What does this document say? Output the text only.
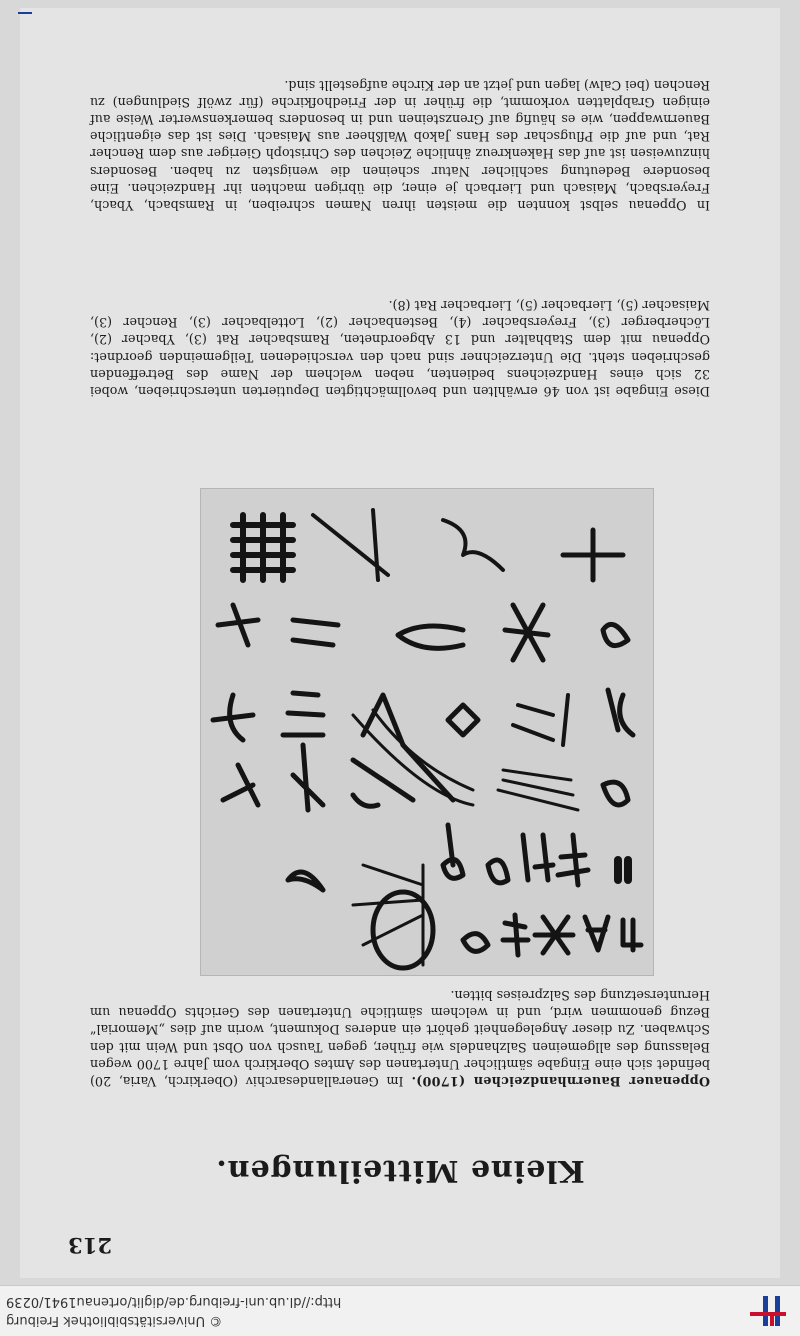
© Universitätsbibliothek Freiburg
http://dl.ub.uni-freiburg.de/diglit/ortenau1941/0239
213
Kleine Mitteilungen.
Oppenauer Bauernhandzeichen (1700). Im Generallandesarchiv (Oberkirch, Varia, 20) befindet sich eine Eingabe sämtlicher Untertanen des Amtes Oberkirch vom Jahre 1700 wegen Belassung des allgemeinen Salzhandels wie früher, gegen Tausch von Obst und Wein mit den Schwaben. Zu dieser Angelegenheit gehört ein anderes Dokument, worin auf dies „Memorial“ Bezug genommen wird, und in welchem sämtliche Untertanen des Gerichts Oppenau um Heruntersetzung des Salzpreises bitten.
Diese Eingabe ist von 46 erwählten und bevollmächtigten Deputierten unterschrieben, wobei 32 sich eines Handzeichens bedienten, neben welchem der Name des Betreffenden geschrieben steht. Die Unterzeichner sind nach den verschiedenen Teilgemeinden geordnet: Oppenau mit dem Stabhalter und 13 Abgeordneten, Ramsbacher Rat (3), Ybacher (2), Löcherberger (3), Freyersbacher (4), Bestenbacher (2), Lottelbacher (3), Rencher (3), Maisacher (5), Lierbacher (5), Lierbacher Rat (8).
In Oppenau selbst konnten die meisten ihren Namen schreiben, in Ramsbach, Ybach, Freyersbach, Maisach und Lierbach je einer, die übrigen machten ihr Handzeichen. Eine besondere Bedeutung sachlicher Natur scheinen die wenigsten zu haben. Besonders hinzuweisen ist auf das Hakenkreuz ähnliche Zeichen des Christoph Gieriger aus dem Rencher Rat, und auf die Pflugschar des Hans Jakob Walßheer aus Maisach. Dies ist das eigentliche Bauernwappen, wie es häufig auf Grenzsteinen und in besonders bemerkenswerter Weise auf einigen Grabplatten vorkommt, die früher in der Friedhofkirche (für zwölf Siedlungen) zu Renchen (bei Calw) lagen und jetzt an der Kirche aufgestellt sind.
